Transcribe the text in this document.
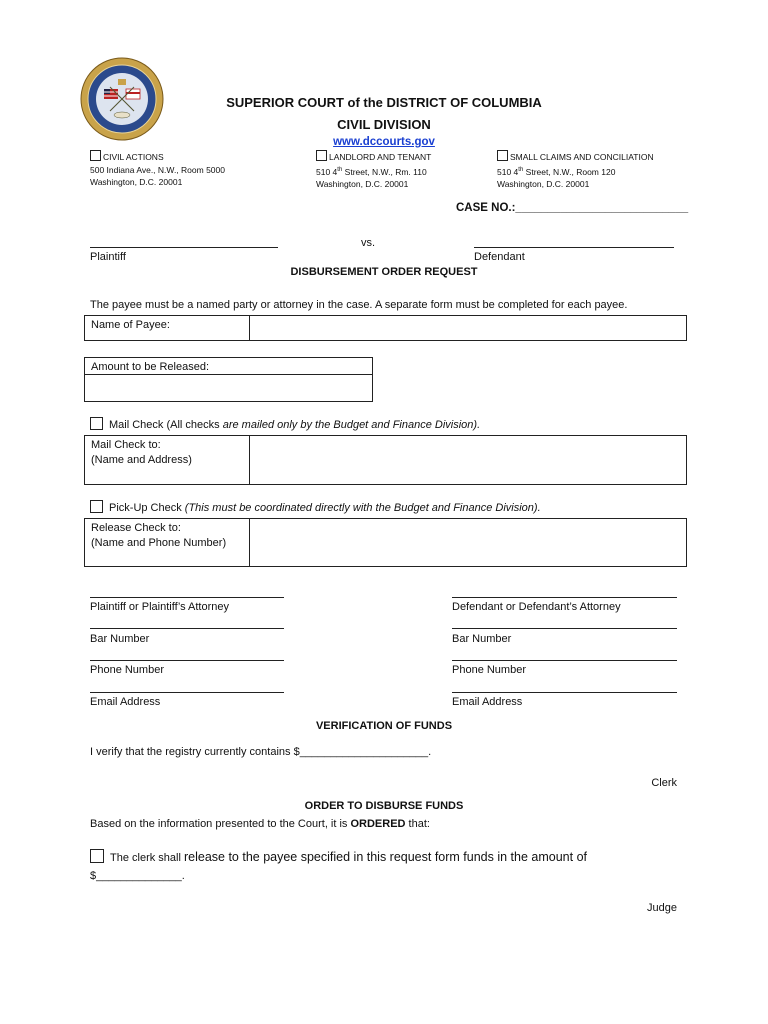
SUPERIOR COURT of the DISTRICT OF COLUMBIA
CIVIL DIVISION
www.dccourts.gov
CIVIL ACTIONS
500 Indiana Ave., N.W., Room 5000
Washington, D.C. 20001
LANDLORD AND TENANT
510 4th Street, N.W., Rm. 110
Washington, D.C. 20001
SMALL CLAIMS AND CONCILIATION
510 4th Street, N.W., Room 120
Washington, D.C. 20001
CASE NO.:___________________________
vs.
Plaintiff	Defendant
DISBURSEMENT ORDER REQUEST
The payee must be a named party or attorney in the case. A separate form must be completed for each payee.
Name of Payee:
Amount to be Released:
Mail Check (All checks are mailed only by the Budget and Finance Division).
Mail Check to:
(Name and Address)
Pick-Up Check (This must be coordinated directly with the Budget and Finance Division).
Release Check to:
(Name and Phone Number)
Plaintiff or Plaintiff’s Attorney
Bar Number
Phone Number
Email Address
Defendant or Defendant’s Attorney
Bar Number
Phone Number
Email Address
VERIFICATION OF FUNDS
I verify that the registry currently contains $_____________________.
Clerk
ORDER TO DISBURSE FUNDS
Based on the information presented to the Court, it is ORDERED that:
The clerk shall release to the payee specified in this request form funds in the amount of
$______________.
Judge
